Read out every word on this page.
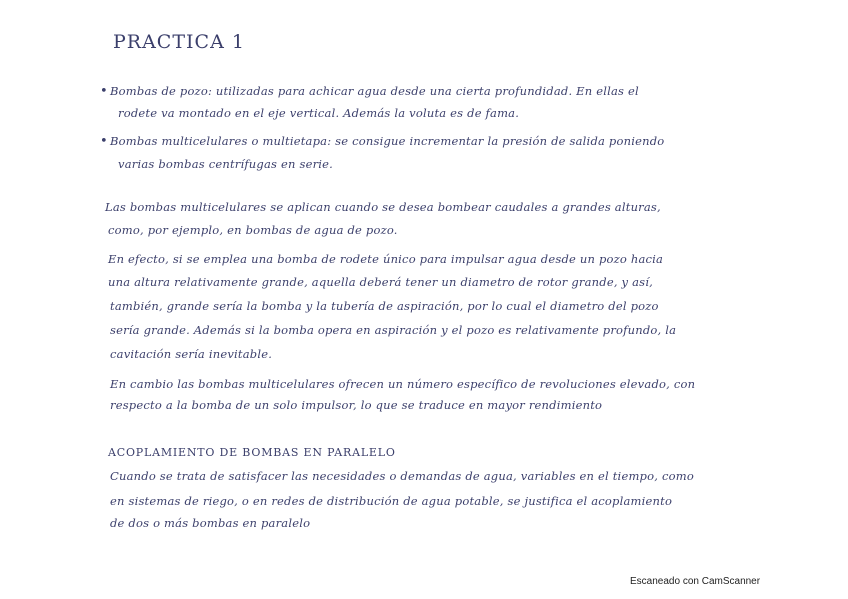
PRACTICA 1
• Bombas de pozo: utilizadas para achicar agua desde una cierta profundidad. En ellas el
rodete va montado en el eje vertical. Además la voluta es de fama.
• Bombas multicelulares o multietapa: se consigue incrementar la presión de salida poniendo
varias bombas centrífugas en serie.
Las bombas multicelulares se aplican cuando se desea bombear caudales a grandes alturas,
como, por ejemplo, en bombas de agua de pozo.
En efecto, si se emplea una bomba de rodete único para impulsar agua desde un pozo hacia
una altura relativamente grande, aquella deberá tener un diametro de rotor grande, y así,
también, grande sería la bomba y la tubería de aspiración, por lo cual el diametro del pozo
sería grande. Además si la bomba opera en aspiración y el pozo es relativamente profundo, la
cavitación sería inevitable.
En cambio las bombas multicelulares ofrecen un número específico de revoluciones elevado, con
respecto a la bomba de un solo impulsor, lo que se traduce en mayor rendimiento
ACOPLAMIENTO DE BOMBAS EN PARALELO
Cuando se trata de satisfacer las necesidades o demandas de agua, variables en el tiempo, como
en sistemas de riego, o en redes de distribución de agua potable, se justifica el acoplamiento
de dos o más bombas en paralelo
Escaneado con CamScanner
